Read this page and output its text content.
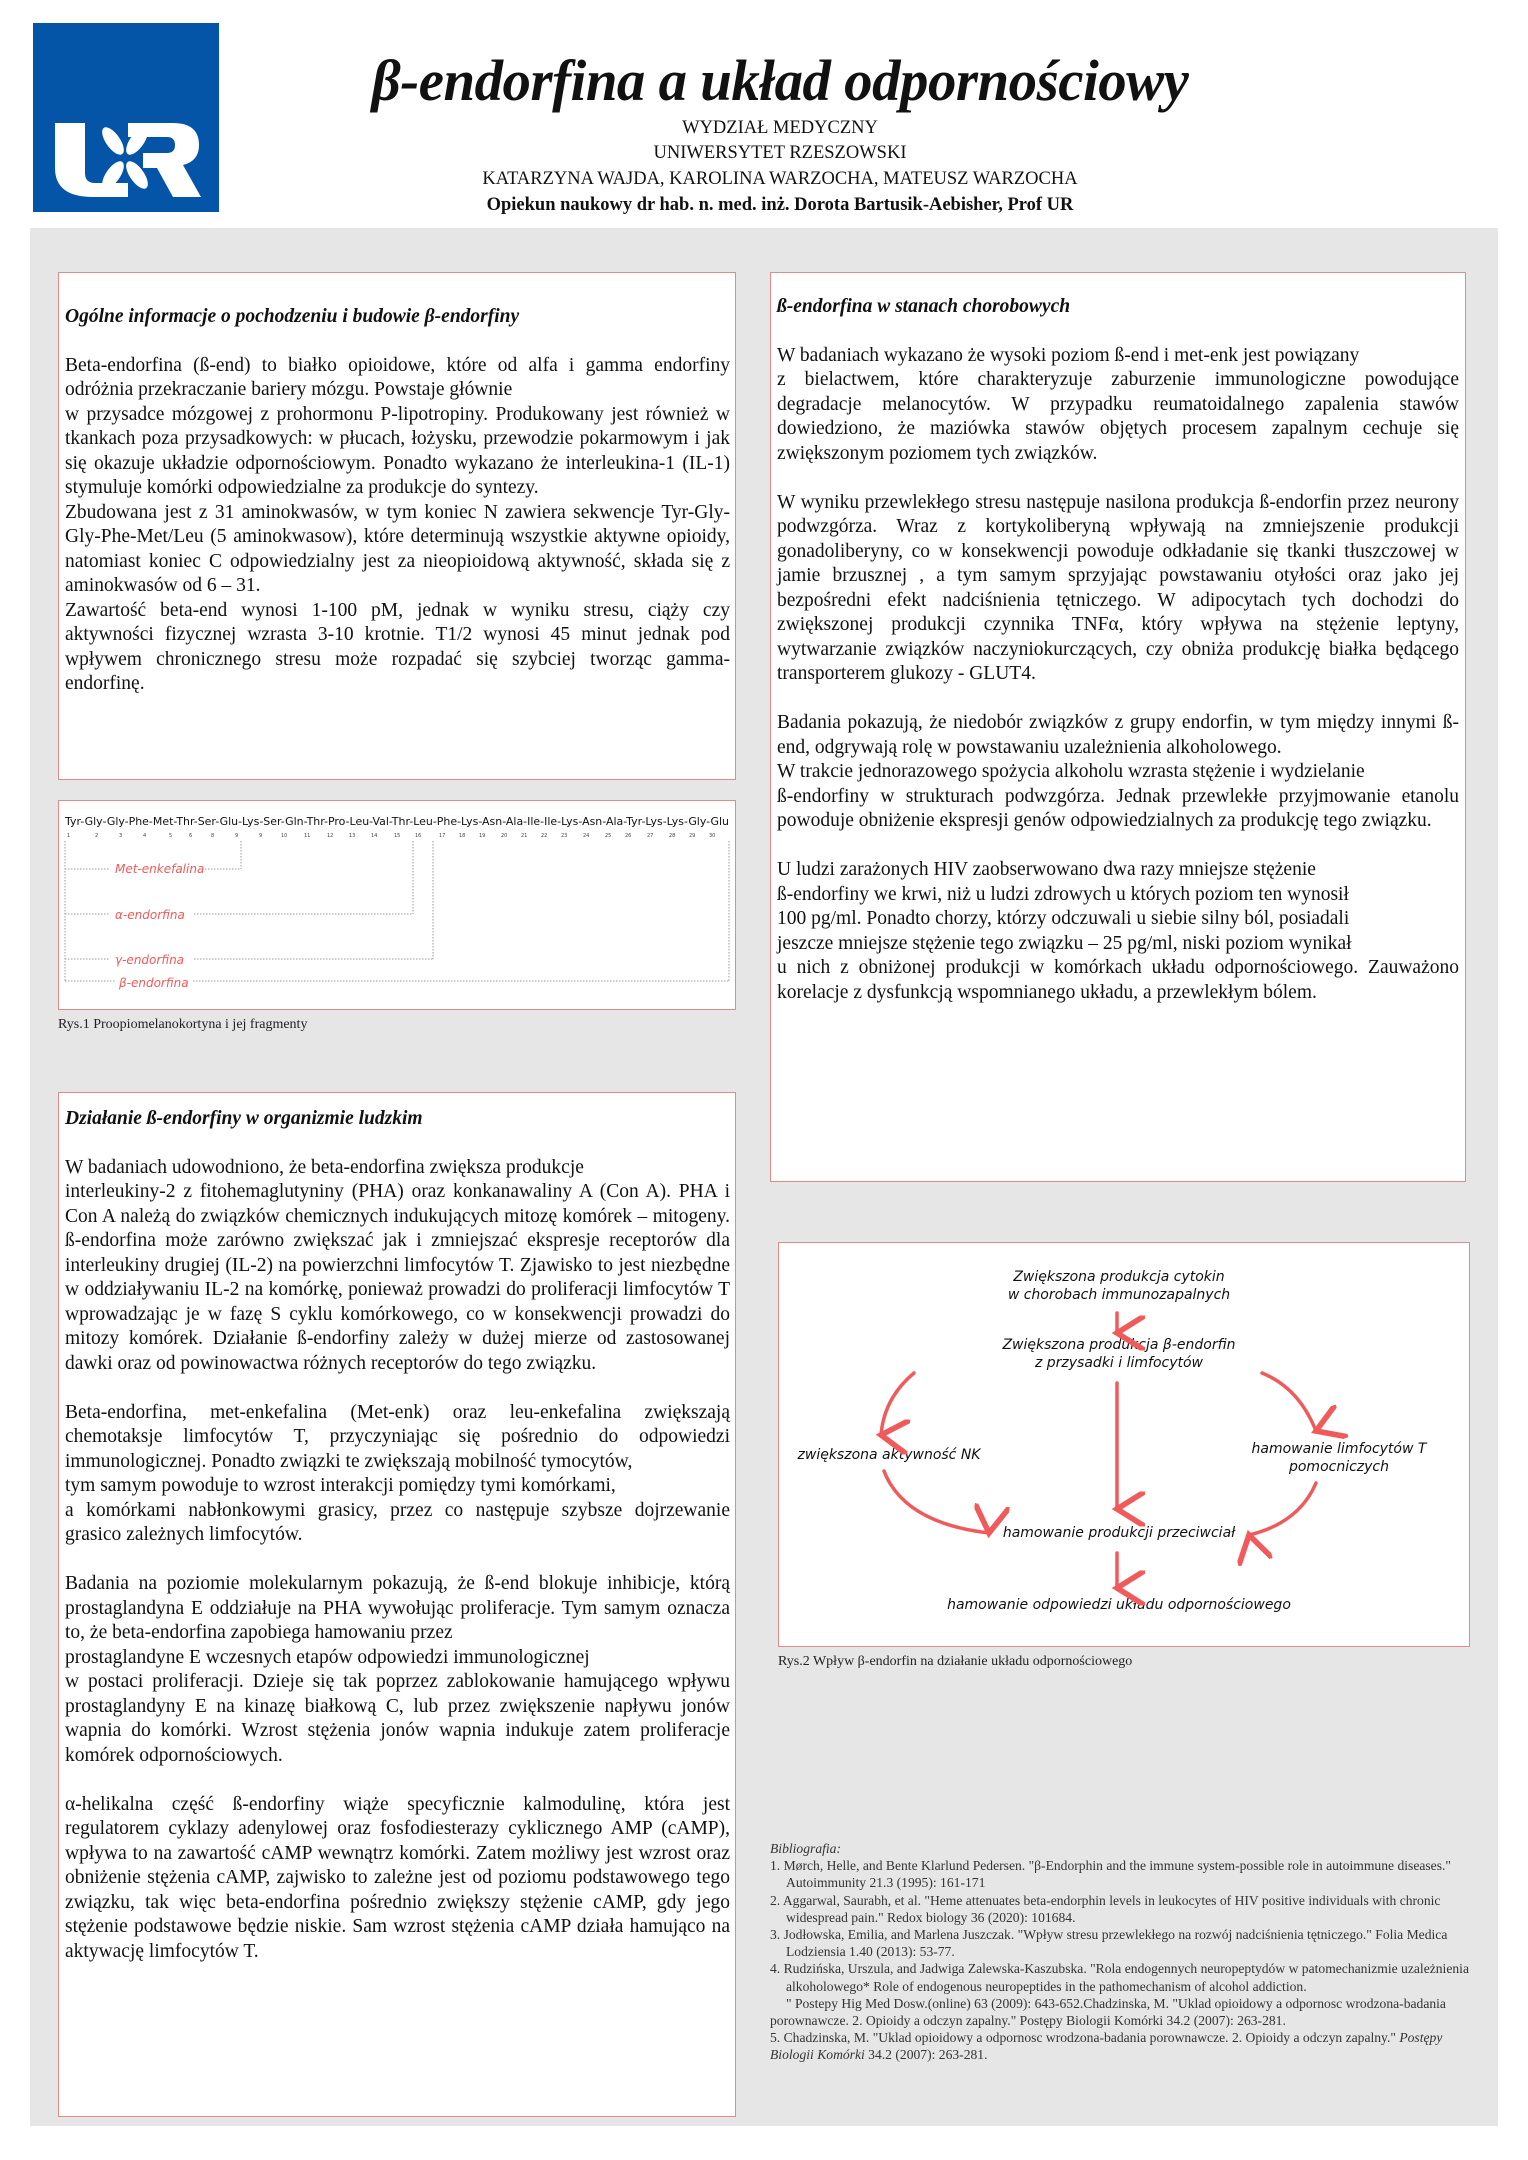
β-endorfina a układ odpornościowy
WYDZIAŁ MEDYCZNY
UNIWERSYTET RZESZOWSKI
KATARZYNA WAJDA, KAROLINA WARZOCHA, MATEUSZ WARZOCHA
Opiekun naukowy dr hab. n. med. inż. Dorota Bartusik-Aebisher, Prof UR

Ogólne informacje o pochodzeniu i budowie β-endorfiny

Beta-endorfina (ß-end) to białko opioidowe, które od alfa i gamma endorfiny odróżnia przekraczanie bariery mózgu. Powstaje głównie

w przysadce mózgowej z prohormonu P-lipotropiny. Produkowany jest również w tkankach poza przysadkowych: w płucach, łożysku, przewodzie pokarmowym i jak się okazuje układzie odpornościowym. Ponadto wykazano że interleukina-1 (IL-1) stymuluje komórki odpowiedzialne za produkcje do syntezy.

Zbudowana jest z 31 aminokwasów, w tym koniec N zawiera sekwencje Tyr-Gly-Gly-Phe-Met/Leu (5 aminokwasow), które determinują wszystkie aktywne opioidy, natomiast koniec C odpowiedzialny jest za nieopioidową aktywność, składa się z aminokwasów od 6 – 31.

Zawartość beta-end wynosi 1-100 pM, jednak w wyniku stresu, ciąży czy aktywności fizycznej wzrasta 3-10 krotnie. T1/2 wynosi 45 minut jednak pod wpływem chronicznego stresu może rozpadać się szybciej tworząc gamma-endorfinę.

Tyr-Gly-Gly-Phe-Met-Thr-Ser-Glu-Lys-Ser-Gln-Thr-Pro-Leu-Val-Thr-Leu-Phe-Lys-Asn-Ala-Ile-Ile-Lys-Asn-Ala-Tyr-Lys-Lys-Gly-Glu
1	2	3	4	5	6	8	9	9	10	11	12	13	14	15	16	17	18	19	20	21	22	23	24	25	26	27	28	29	30
Met-enkefalina
α-endorfina
γ-endorfina
β-endorfina
Rys.1 Proopiomelanokortyna i jej fragmenty

Działanie ß-endorfiny w organizmie ludzkim

W badaniach udowodniono, że beta-endorfina zwiększa produkcje

interleukiny-2 z fitohemaglutyniny (PHA) oraz konkanawaliny A (Con A). PHA i Con A należą do związków chemicznych indukujących mitozę komórek – mitogeny. ß-endorfina może zarówno zwiększać jak i zmniejszać ekspresje receptorów dla interleukiny drugiej (IL-2) na powierzchni limfocytów T. Zjawisko to jest niezbędne w oddziaływaniu IL-2 na komórkę, ponieważ prowadzi do proliferacji limfocytów T wprowadzając je w fazę S cyklu komórkowego, co w konsekwencji prowadzi do mitozy komórek. Działanie ß-endorfiny zależy w dużej mierze od zastosowanej dawki oraz od powinowactwa różnych receptorów do tego związku.

Beta-endorfina, met-enkefalina (Met-enk) oraz leu-enkefalina zwiększają chemotaksje limfocytów T, przyczyniając się pośrednio do odpowiedzi immunologicznej. Ponadto związki te zwiększają mobilność tymocytów,

tym samym powoduje to wzrost interakcji pomiędzy tymi komórkami,

a komórkami nabłonkowymi grasicy, przez co następuje szybsze dojrzewanie grasico zależnych limfocytów.

Badania na poziomie molekularnym pokazują, że ß-end blokuje inhibicje, którą prostaglandyna E oddziałuje na PHA wywołując proliferacje. Tym samym oznacza to, że beta-endorfina zapobiega hamowaniu przez

prostaglandyne E wczesnych etapów odpowiedzi immunologicznej

w postaci proliferacji. Dzieje się tak poprzez zablokowanie hamującego wpływu prostaglandyny E na kinazę białkową C, lub przez zwiększenie napływu jonów wapnia do komórki. Wzrost stężenia jonów wapnia indukuje zatem proliferacje komórek odpornościowych.

α-helikalna część ß-endorfiny wiąże specyficznie kalmodulinę, która jest regulatorem cyklazy adenylowej oraz fosfodiesterazy cyklicznego AMP (cAMP), wpływa to na zawartość cAMP wewnątrz komórki. Zatem możliwy jest wzrost oraz obniżenie stężenia cAMP, zajwisko to zależne jest od poziomu podstawowego tego związku, tak więc beta-endorfina pośrednio zwiększy stężenie cAMP, gdy jego stężenie podstawowe będzie niskie. Sam wzrost stężenia cAMP działa hamująco na aktywację limfocytów T.

ß-endorfina w stanach chorobowych

W badaniach wykazano że wysoki poziom ß-end i met-enk jest powiązany

z bielactwem, które charakteryzuje zaburzenie immunologiczne powodujące degradacje melanocytów. W przypadku reumatoidalnego zapalenia stawów dowiedziono, że maziówka stawów objętych procesem zapalnym cechuje się zwiększonym poziomem tych związków.

W wyniku przewlekłego stresu następuje nasilona produkcja ß-endorfin przez neurony podwzgórza. Wraz z kortykoliberyną wpływają na zmniejszenie produkcji gonadoliberyny, co w konsekwencji powoduje odkładanie się tkanki tłuszczowej w jamie brzusznej , a tym samym sprzyjając powstawaniu otyłości oraz jako jej bezpośredni efekt nadciśnienia tętniczego. W adipocytach tych dochodzi do zwiększonej produkcji czynnika TNFα, który wpływa na stężenie leptyny, wytwarzanie związków naczyniokurczących, czy obniża produkcję białka będącego transporterem glukozy - GLUT4.

Badania pokazują, że niedobór związków z grupy endorfin, w tym między innymi ß- end, odgrywają rolę w powstawaniu uzależnienia alkoholowego.

W trakcie jednorazowego spożycia alkoholu wzrasta stężenie i wydzielanie

ß-endorfiny w strukturach podwzgórza. Jednak przewlekłe przyjmowanie etanolu powoduje obniżenie ekspresji genów odpowiedzialnych za produkcję tego związku.

U ludzi zarażonych HIV zaobserwowano dwa razy mniejsze stężenie

ß-endorfiny we krwi, niż u ludzi zdrowych u których poziom ten wynosił

100 pg/ml. Ponadto chorzy, którzy odczuwali u siebie silny ból, posiadali

jeszcze mniejsze stężenie tego związku – 25 pg/ml, niski poziom wynikał

u nich z obniżonej produkcji w komórkach układu odpornościowego. Zauważono korelacje z dysfunkcją wspomnianego układu, a przewlekłym bólem.

Zwiększona produkcja cytokin
w chorobach immunozapalnych
Zwiększona produkcja β-endorfin
z przysadki i limfocytów
zwiększona aktywność NK	hamowanie limfocytów T
pomocniczych
hamowanie produkcji przeciwciał
hamowanie odpowiedzi układu odpornościowego
Rys.2 Wpływ β-endorfin na działanie układu odpornościowego
Bibliografia:
1. Mørch, Helle, and Bente Klarlund Pedersen. "β-Endorphin and the immune system-possible role in autoimmune diseases." Autoimmunity 21.3 (1995): 161-171
2. Aggarwal, Saurabh, et al. "Heme attenuates beta-endorphin levels in leukocytes of HIV positive individuals with chronic widespread pain." Redox biology 36 (2020): 101684.
3. Jodłowska, Emilia, and Marlena Juszczak. "Wpływ stresu przewlekłego na rozwój nadciśnienia tętniczego." Folia Medica Lodziensia 1.40 (2013): 53-77.
4. Rudzińska, Urszula, and Jadwiga Zalewska-Kaszubska. "Rola endogennych neuropeptydów w patomechanizmie uzależnienia alkoholowego* Role of endogenous neuropeptides in the pathomechanism of alcohol addiction.
" Postepy Hig Med Dosw.(online) 63 (2009): 643-652.Chadzinska, M. "Uklad opioidowy a odpornosc wrodzona-badania porownawcze. 2. Opioidy a odczyn zapalny." Postępy Biologii Komórki 34.2 (2007): 263-281.
5. Chadzinska, M. "Uklad opioidowy a odpornosc wrodzona-badania porownawcze. 2. Opioidy a odczyn zapalny." Postępy Biologii Komórki 34.2 (2007): 263-281.
